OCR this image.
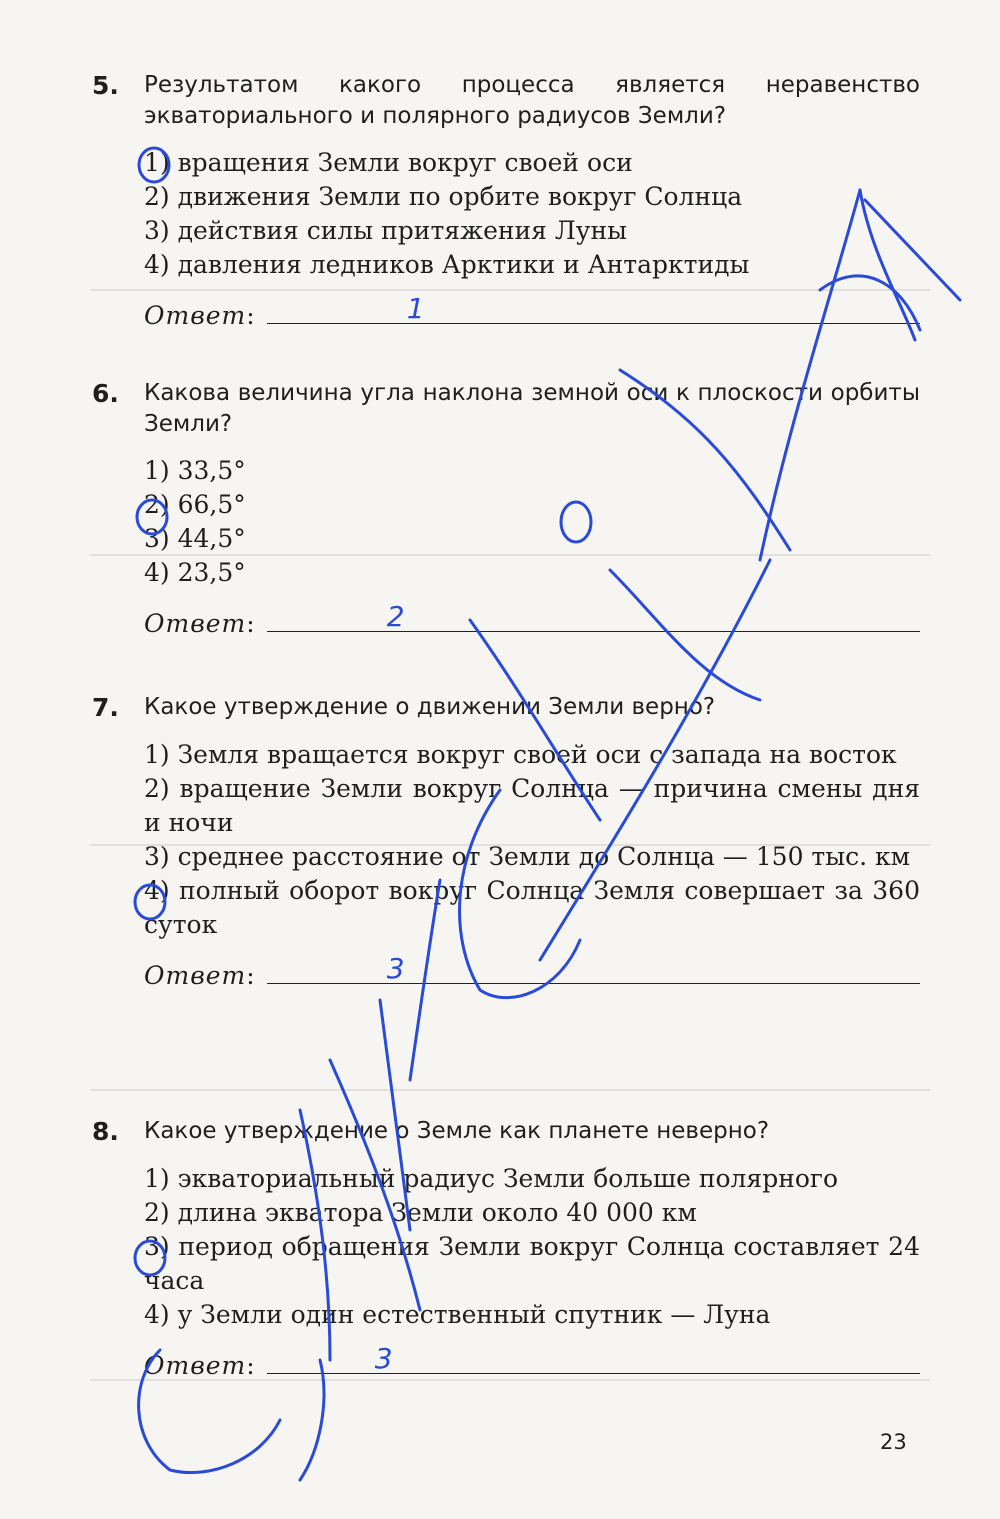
5.	Результатом какого процесса является неравенство экваториального и полярного радиусов Земли?
1) вращения Земли вокруг своей оси
2) движения Земли по орбите вокруг Солнца
3) действия силы притяжения Луны
4) давления ледников Арктики и Антарктиды
Ответ :	1
6.	Какова величина угла наклона земной оси к плоскости орбиты Земли?
1) 33,5°
2) 66,5°
3) 44,5°
4) 23,5°
Ответ :	2
7.	Какое утверждение о движении Земли верно?
1) Земля вращается вокруг своей оси с запада на восток
2) вращение Земли вокруг Солнца — причина смены дня и ночи
3) среднее расстояние от Земли до Солнца — 150 тыс. км
4) полный оборот вокруг Солнца Земля совершает за 360 суток
Ответ :	3
8.	Какое утверждение о Земле как планете неверно?
1) экваториальный радиус Земли больше полярного
2) длина экватора Земли около 40 000 км
3) период обращения Земли вокруг Солнца составляет 24 часа
4) у Земли один естественный спутник — Луна
Ответ :	3
23
